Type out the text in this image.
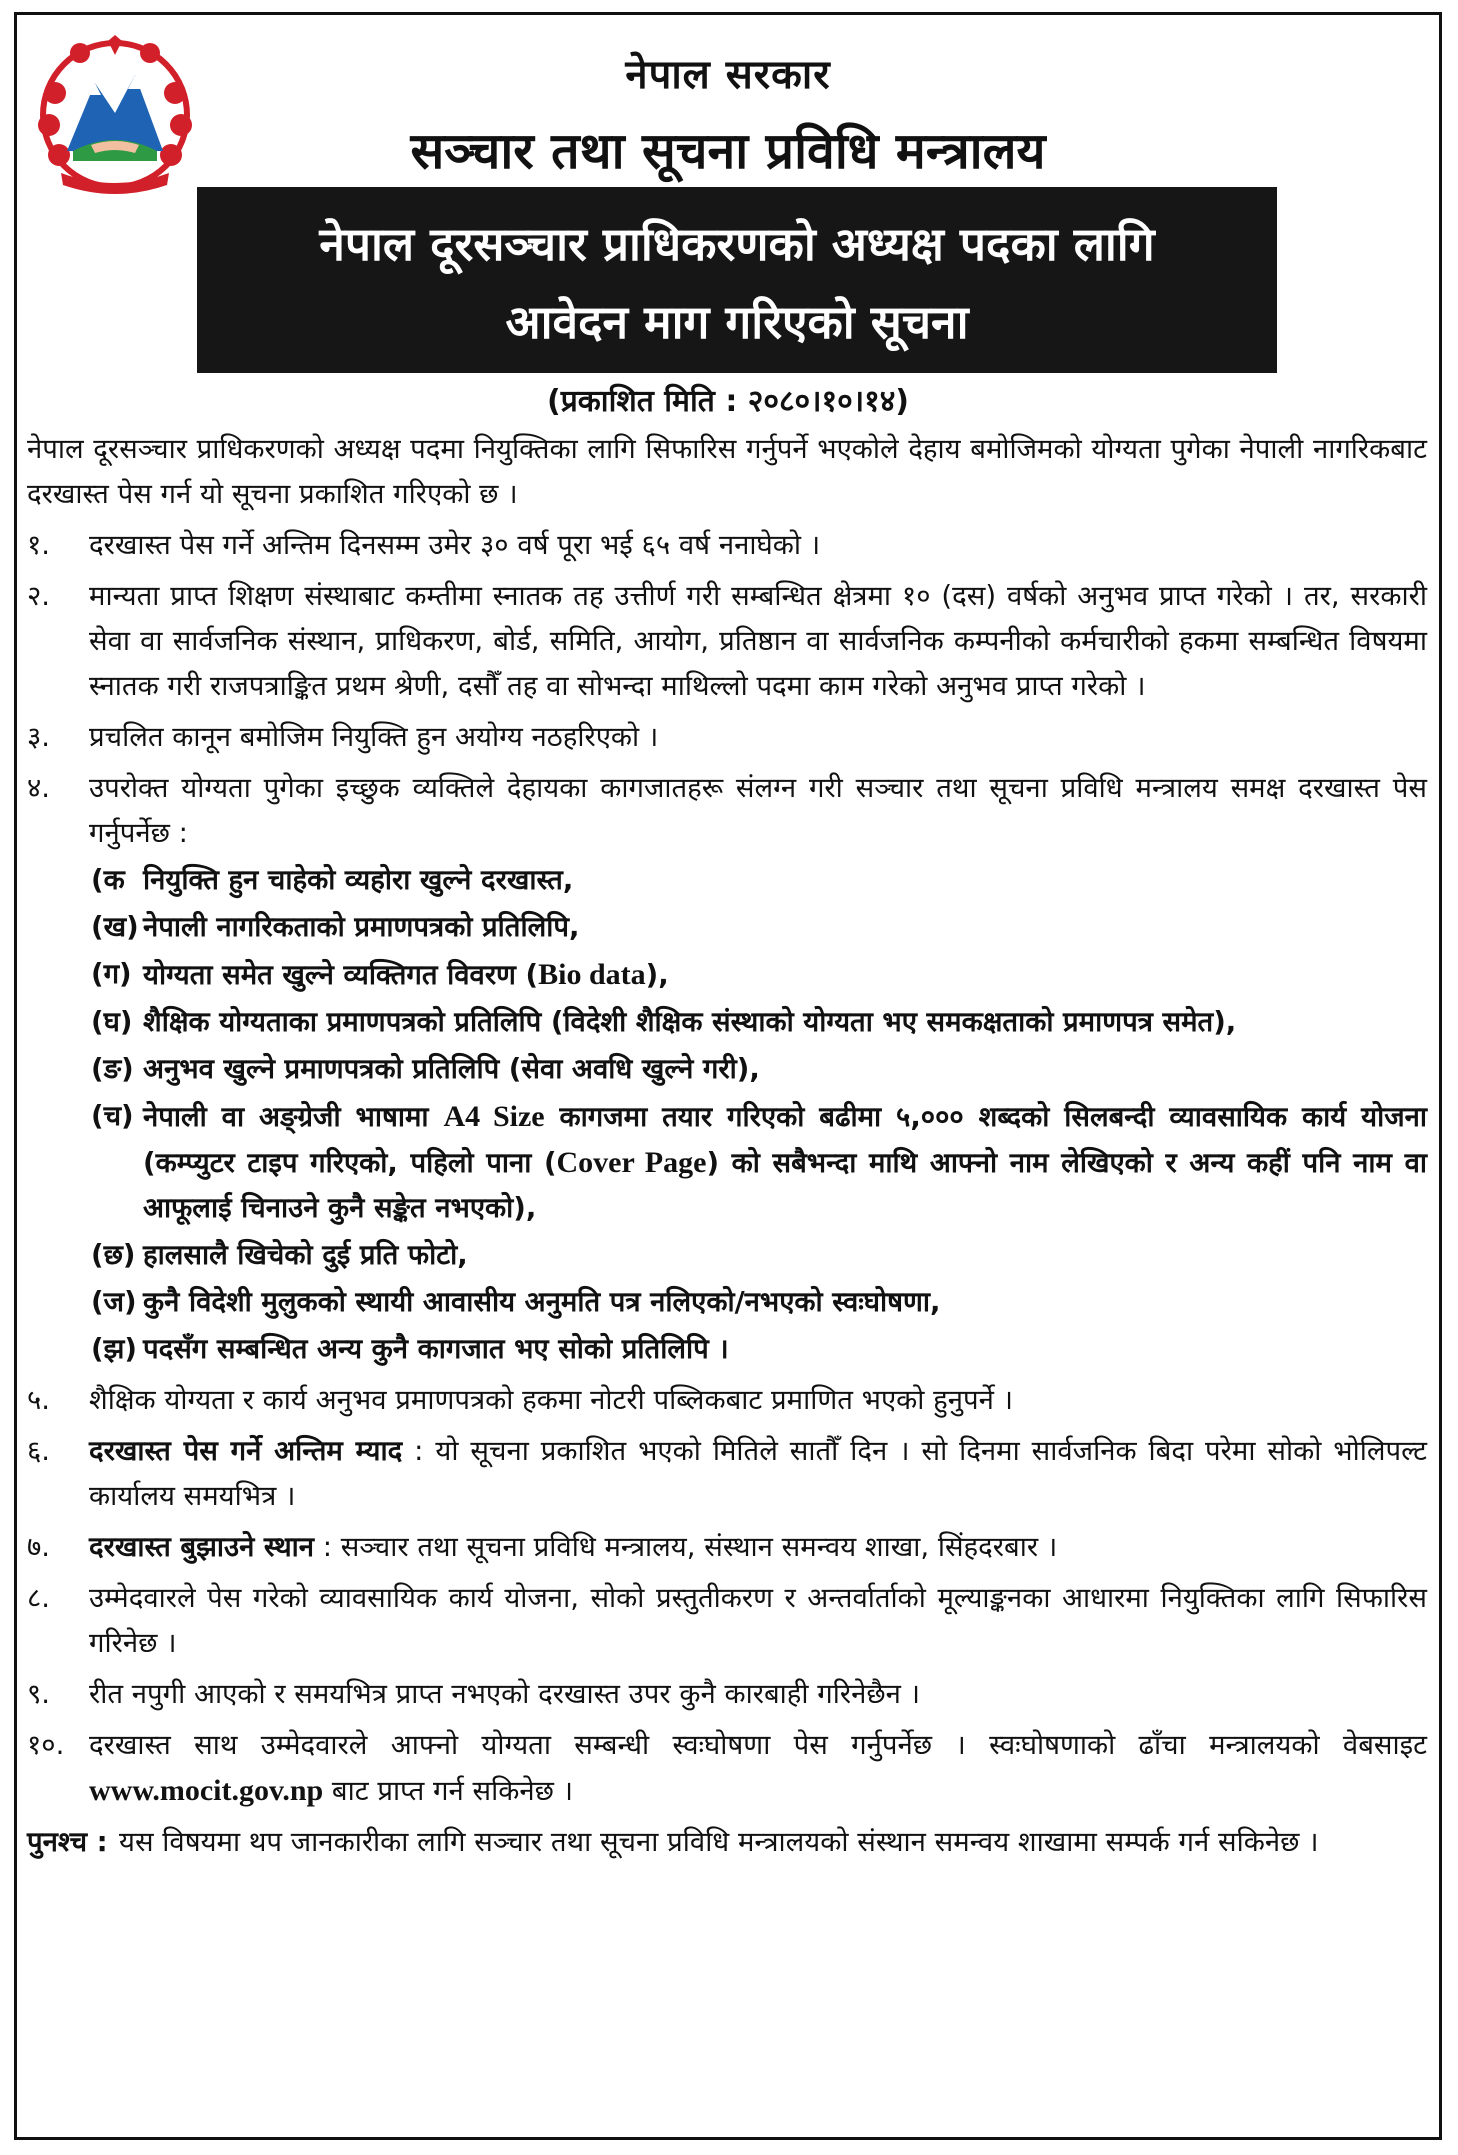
नेपाल सरकार
सञ्चार तथा सूचना प्रविधि मन्त्रालय
नेपाल दूरसञ्चार प्राधिकरणको अध्यक्ष पदका लागि
आवेदन माग गरिएको सूचना
(प्रकाशित मिति : २०८०।१०।१४)
नेपाल दूरसञ्चार प्राधिकरणको अध्यक्ष पदमा नियुक्तिका लागि सिफारिस गर्नुपर्ने भएकोले देहाय बमोजिमको योग्यता पुगेका नेपाली नागरिकबाट दरखास्त पेस गर्न यो सूचना प्रकाशित गरिएको छ ।
१.	दरखास्त पेस गर्ने अन्तिम दिनसम्म उमेर ३० वर्ष पूरा भई ६५ वर्ष ननाघेको ।
२.	मान्यता प्राप्त शिक्षण संस्थाबाट कम्तीमा स्नातक तह उत्तीर्ण गरी सम्बन्धित क्षेत्रमा १० (दस) वर्षको अनुभव प्राप्त गरेको । तर, सरकारी सेवा वा सार्वजनिक संस्थान, प्राधिकरण, बोर्ड, समिति, आयोग, प्रतिष्ठान वा सार्वजनिक कम्पनीको कर्मचारीको हकमा सम्बन्धित विषयमा स्नातक गरी राजपत्राङ्कित प्रथम श्रेणी, दसौँ तह वा सोभन्दा माथिल्लो पदमा काम गरेको अनुभव प्राप्त गरेको ।
३.	प्रचलित कानून बमोजिम नियुक्ति हुन अयोग्य नठहरिएको ।
४.	उपरोक्त योग्यता पुगेका इच्छुक व्यक्तिले देहायका कागजातहरू संलग्न गरी सञ्चार तथा सूचना प्रविधि मन्त्रालय समक्ष दरखास्त पेस गर्नुपर्नेछ :
(क नियुक्ति हुन चाहेको व्यहोरा खुल्ने दरखास्त,
(ख) नेपाली नागरिकताको प्रमाणपत्रको प्रतिलिपि,
(ग) योग्यता समेत खुल्ने व्यक्तिगत विवरण (Bio data),
(घ) शैक्षिक योग्यताका प्रमाणपत्रको प्रतिलिपि (विदेशी शैक्षिक संस्थाको योग्यता भए समकक्षताको प्रमाणपत्र समेत),
(ङ) अनुभव खुल्ने प्रमाणपत्रको प्रतिलिपि (सेवा अवधि खुल्ने गरी),
(च) नेपाली वा अङ्ग्रेजी भाषामा A4 Size कागजमा तयार गरिएको बढीमा ५,००० शब्दको सिलबन्दी व्यावसायिक कार्य योजना (कम्प्युटर टाइप गरिएको, पहिलो पाना (Cover Page) को सबैभन्दा माथि आफ्नो नाम लेखिएको र अन्य कहीं पनि नाम वा आफूलाई चिनाउने कुनै सङ्केत नभएको),
(छ) हालसालै खिचेको दुई प्रति फोटो,
(ज) कुनै विदेशी मुलुकको स्थायी आवासीय अनुमति पत्र नलिएको/नभएको स्वःघोषणा,
(झ) पदसँग सम्बन्धित अन्य कुनै कागजात भए सोको प्रतिलिपि ।
५.	शैक्षिक योग्यता र कार्य अनुभव प्रमाणपत्रको हकमा नोटरी पब्लिकबाट प्रमाणित भएको हुनुपर्ने ।
६.	दरखास्त पेस गर्ने अन्तिम म्याद : यो सूचना प्रकाशित भएको मितिले सातौँ दिन । सो दिनमा सार्वजनिक बिदा परेमा सोको भोलिपल्ट कार्यालय समयभित्र ।
७.	दरखास्त बुझाउने स्थान : सञ्चार तथा सूचना प्रविधि मन्त्रालय, संस्थान समन्वय शाखा, सिंहदरबार ।
८.	उम्मेदवारले पेस गरेको व्यावसायिक कार्य योजना, सोको प्रस्तुतीकरण र अन्तर्वार्ताको मूल्याङ्कनका आधारमा नियुक्तिका लागि सिफारिस गरिनेछ ।
९.	रीत नपुगी आएको र समयभित्र प्राप्त नभएको दरखास्त उपर कुनै कारबाही गरिनेछैन ।
१०. दरखास्त साथ उम्मेदवारले आफ्नो योग्यता सम्बन्धी स्वःघोषणा पेस गर्नुपर्नेछ । स्वःघोषणाको ढाँचा मन्त्रालयको वेबसाइट www.mocit.gov.np बाट प्राप्त गर्न सकिनेछ ।
पुनश्च : यस विषयमा थप जानकारीका लागि सञ्चार तथा सूचना प्रविधि मन्त्रालयको संस्थान समन्वय शाखामा सम्पर्क गर्न सकिनेछ ।
